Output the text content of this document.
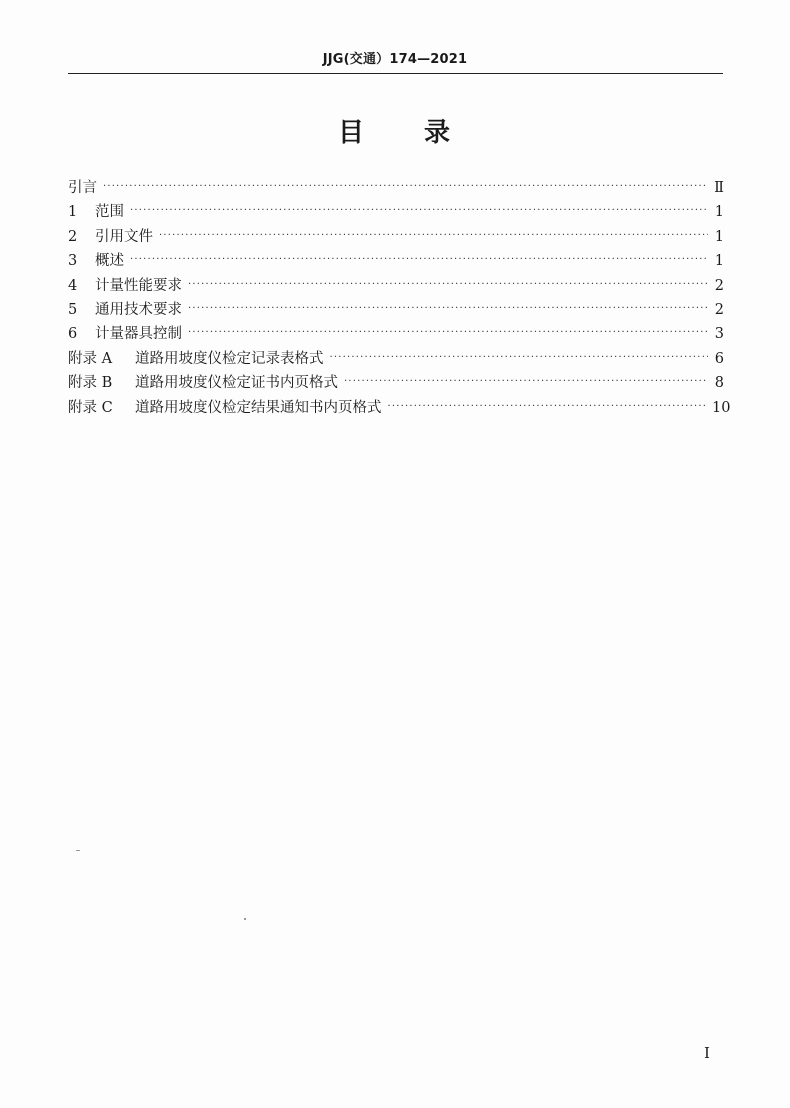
JJG(交通）174—2021
目 录
引言 ·····	Ⅱ
1	范围 ·····	1
2	引用文件 ·····	1
3	概述 ·····	1
4	计量性能要求 ·····	2
5	通用技术要求 ·····	2
6	计量器具控制 ·····	3
附录 A	道路用坡度仪检定记录表格式 ·····	6
附录 B	道路用坡度仪检定证书内页格式 ·····	8
附录 C	道路用坡度仪检定结果通知书内页格式 ·····	10
I
